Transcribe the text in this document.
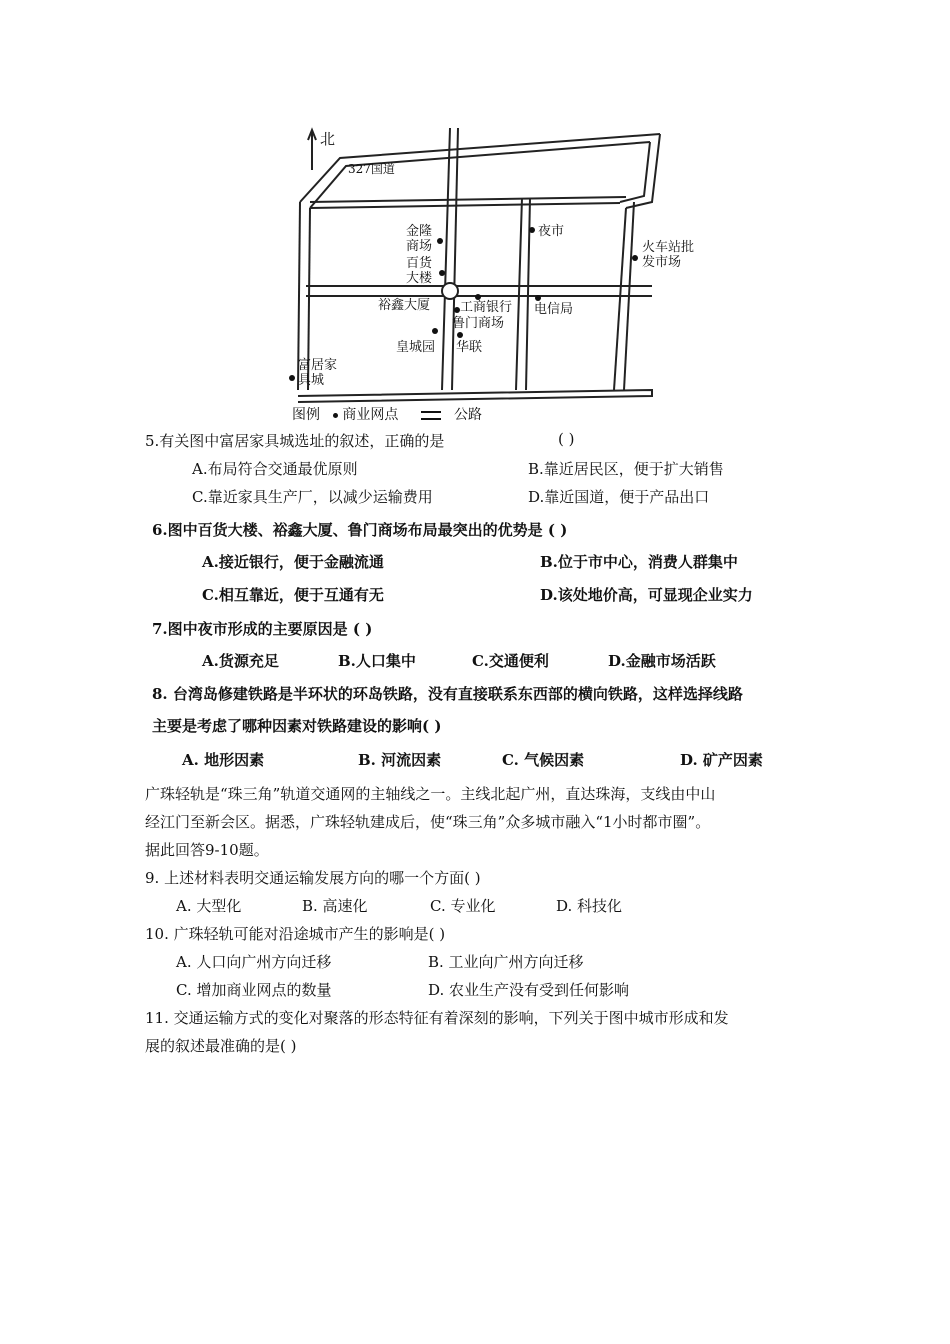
北
327国道
金隆
商场
百货
大楼
裕鑫大厦 工商银行
鲁门商场
皇城园 华联
夜市
电信局
火车站批
发市场
富居家
具城
图例 商业网点	公路
5.有关图中富居家具城选址的叙述，正确的是	( )
A.布局符合交通最优原则	B.靠近居民区，便于扩大销售
C.靠近家具生产厂，以减少运输费用	D.靠近国道，便于产品出口
6.图中百货大楼、裕鑫大厦、鲁门商场布局最突出的优势是 ( )
A.接近银行，便于金融流通	B.位于市中心，消费人群集中
C.相互靠近，便于互通有无	D.该处地价高，可显现企业实力
7.图中夜市形成的主要原因是 ( )
A.货源充足	B.人口集中	C.交通便利	D.金融市场活跃
8. 台湾岛修建铁路是半环状的环岛铁路，没有直接联系东西部的横向铁路，这样选择线路
主要是考虑了哪种因素对铁路建设的影响( )
A. 地形因素	B. 河流因素	C. 气候因素	D. 矿产因素
广珠轻轨是“珠三角”轨道交通网的主轴线之一。主线北起广州，直达珠海，支线由中山
经江门至新会区。据悉，广珠轻轨建成后，使“珠三角”众多城市融入“1小时都市圈”。
据此回答9-10题。
9. 上述材料表明交通运输发展方向的哪一个方面( )
A. 大型化	B. 高速化	C. 专业化	D. 科技化
10. 广珠轻轨可能对沿途城市产生的影响是( )
A. 人口向广州方向迁移	B. 工业向广州方向迁移
C. 增加商业网点的数量	D. 农业生产没有受到任何影响
11. 交通运输方式的变化对聚落的形态特征有着深刻的影响，下列关于图中城市形成和发
展的叙述最准确的是( )
